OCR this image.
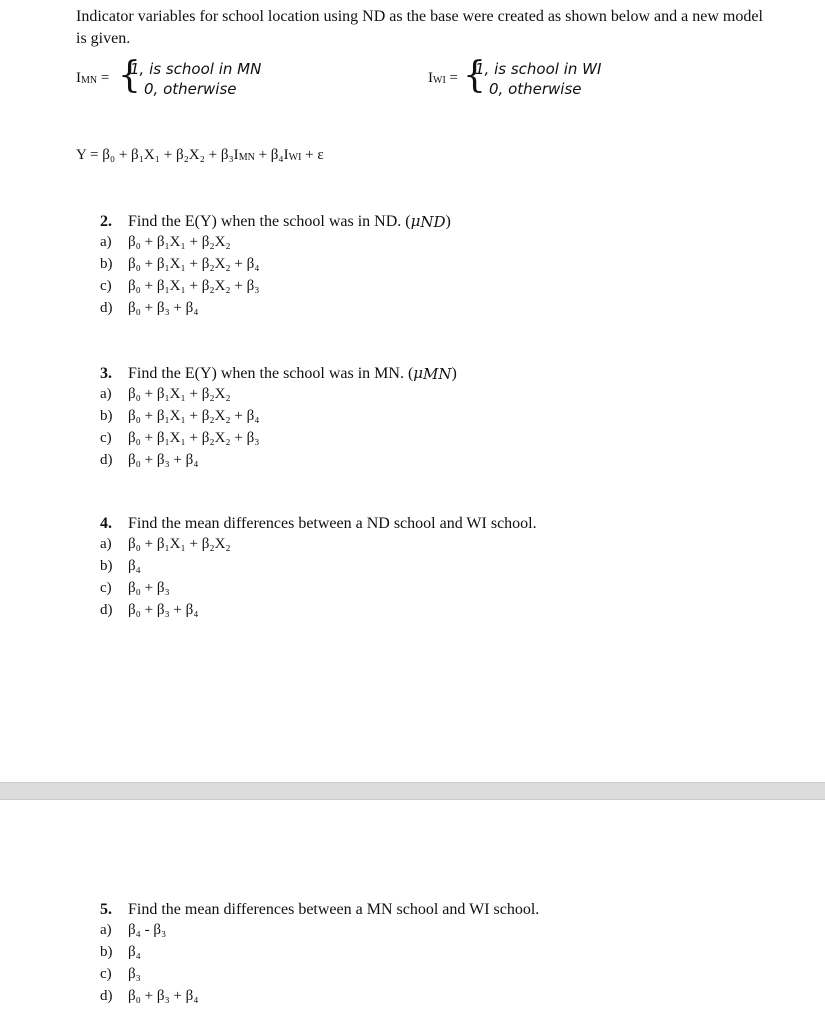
Indicator variables for school location using ND as the base were created as shown below and a new model is given.
IMN = {
1, is school in MN
0, otherwise
IWI = {
1, is school in WI
0, otherwise
Y = β₀ + β₁X₁ + β₂X₂ + β₃IMN + β₄IWI + ε
2. Find the E(Y) when the school was in ND. (μND)
a) β₀ + β₁X₁ + β₂X₂
b) β₀ + β₁X₁ + β₂X₂ + β₄
c) β₀ + β₁X₁ + β₂X₂ + β₃
d) β₀ + β₃ + β₄
3. Find the E(Y) when the school was in MN. (μMN)
a) β₀ + β₁X₁ + β₂X₂
b) β₀ + β₁X₁ + β₂X₂ + β₄
c) β₀ + β₁X₁ + β₂X₂ + β₃
d) β₀ + β₃ + β₄
4. Find the mean differences between a ND school and WI school.
a) β₀ + β₁X₁ + β₂X₂
b) β₄
c) β₀ + β₃
d) β₀ + β₃ + β₄
5. Find the mean differences between a MN school and WI school.
a) β₄ - β₃
b) β₄
c) β₃
d) β₀ + β₃ + β₄
